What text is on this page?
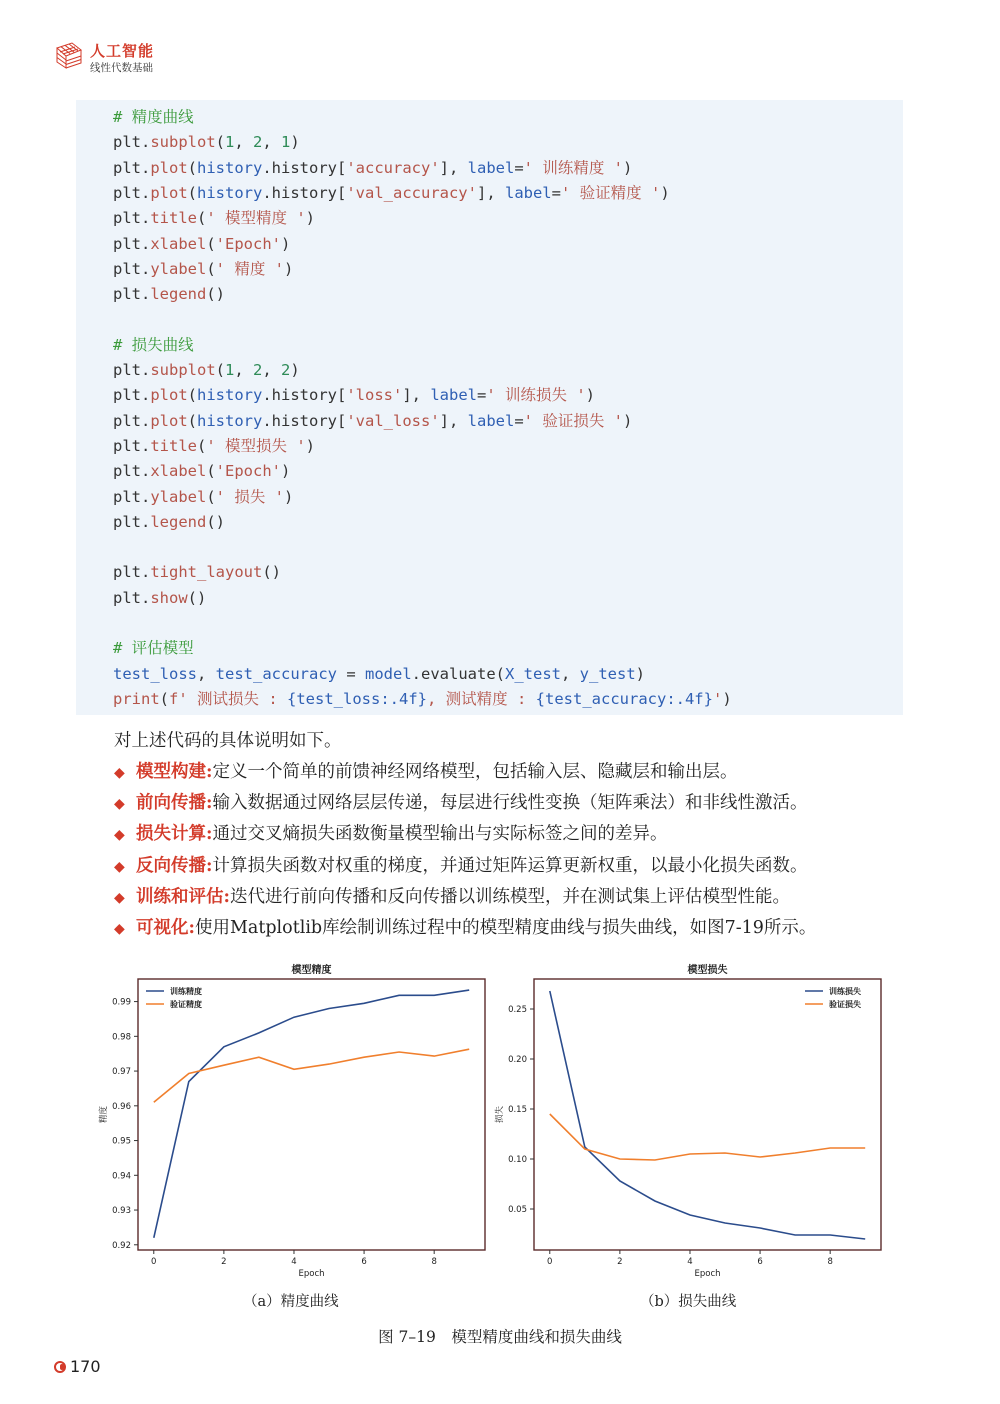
人工智能
线性代数基础
# 精度曲线
plt.subplot(1, 2, 1)
plt.plot(history.history['accuracy'], label=' 训练精度 ')
plt.plot(history.history['val_accuracy'], label=' 验证精度 ')
plt.title(' 模型精度 ')
plt.xlabel('Epoch')
plt.ylabel(' 精度 ')
plt.legend()
# 损失曲线
plt.subplot(1, 2, 2)
plt.plot(history.history['loss'], label=' 训练损失 ')
plt.plot(history.history['val_loss'], label=' 验证损失 ')
plt.title(' 模型损失 ')
plt.xlabel('Epoch')
plt.ylabel(' 损失 ')
plt.legend()
plt.tight_layout()
plt.show()
# 评估模型
test_loss, test_accuracy = model.evaluate(X_test, y_test)
print(f' 测试损失 : {test_loss:.4f}, 测试精度 : {test_accuracy:.4f}')
对上述代码的具体说明如下。
◆ 模型构建:定义一个简单的前馈神经网络模型，包括输入层、隐藏层和输出层。
◆ 前向传播:输入数据通过网络层层传递，每层进行线性变换（矩阵乘法）和非线性激活。
◆ 损失计算:通过交叉熵损失函数衡量模型输出与实际标签之间的差异。
◆ 反向传播:计算损失函数对权重的梯度，并通过矩阵运算更新权重，以最小化损失函数。
◆ 训练和评估:迭代进行前向传播和反向传播以训练模型，并在测试集上评估模型性能。
◆ 可视化:使用Matplotlib库绘制训练过程中的模型精度曲线与损失曲线，如图7-19所示。
模型精度
Epoch
精度
0	2	4	6	8
0.92
0.93
0.94
0.95
0.96
0.97
0.98
0.99
训练精度
验证精度
模型损失
Epoch
损失
0	2	4	6	8
0.05
0.10
0.15
0.20
0.25
训练损失
验证损失
（a）精度曲线	（b）损失曲线
图 7–19　模型精度曲线和损失曲线
170
